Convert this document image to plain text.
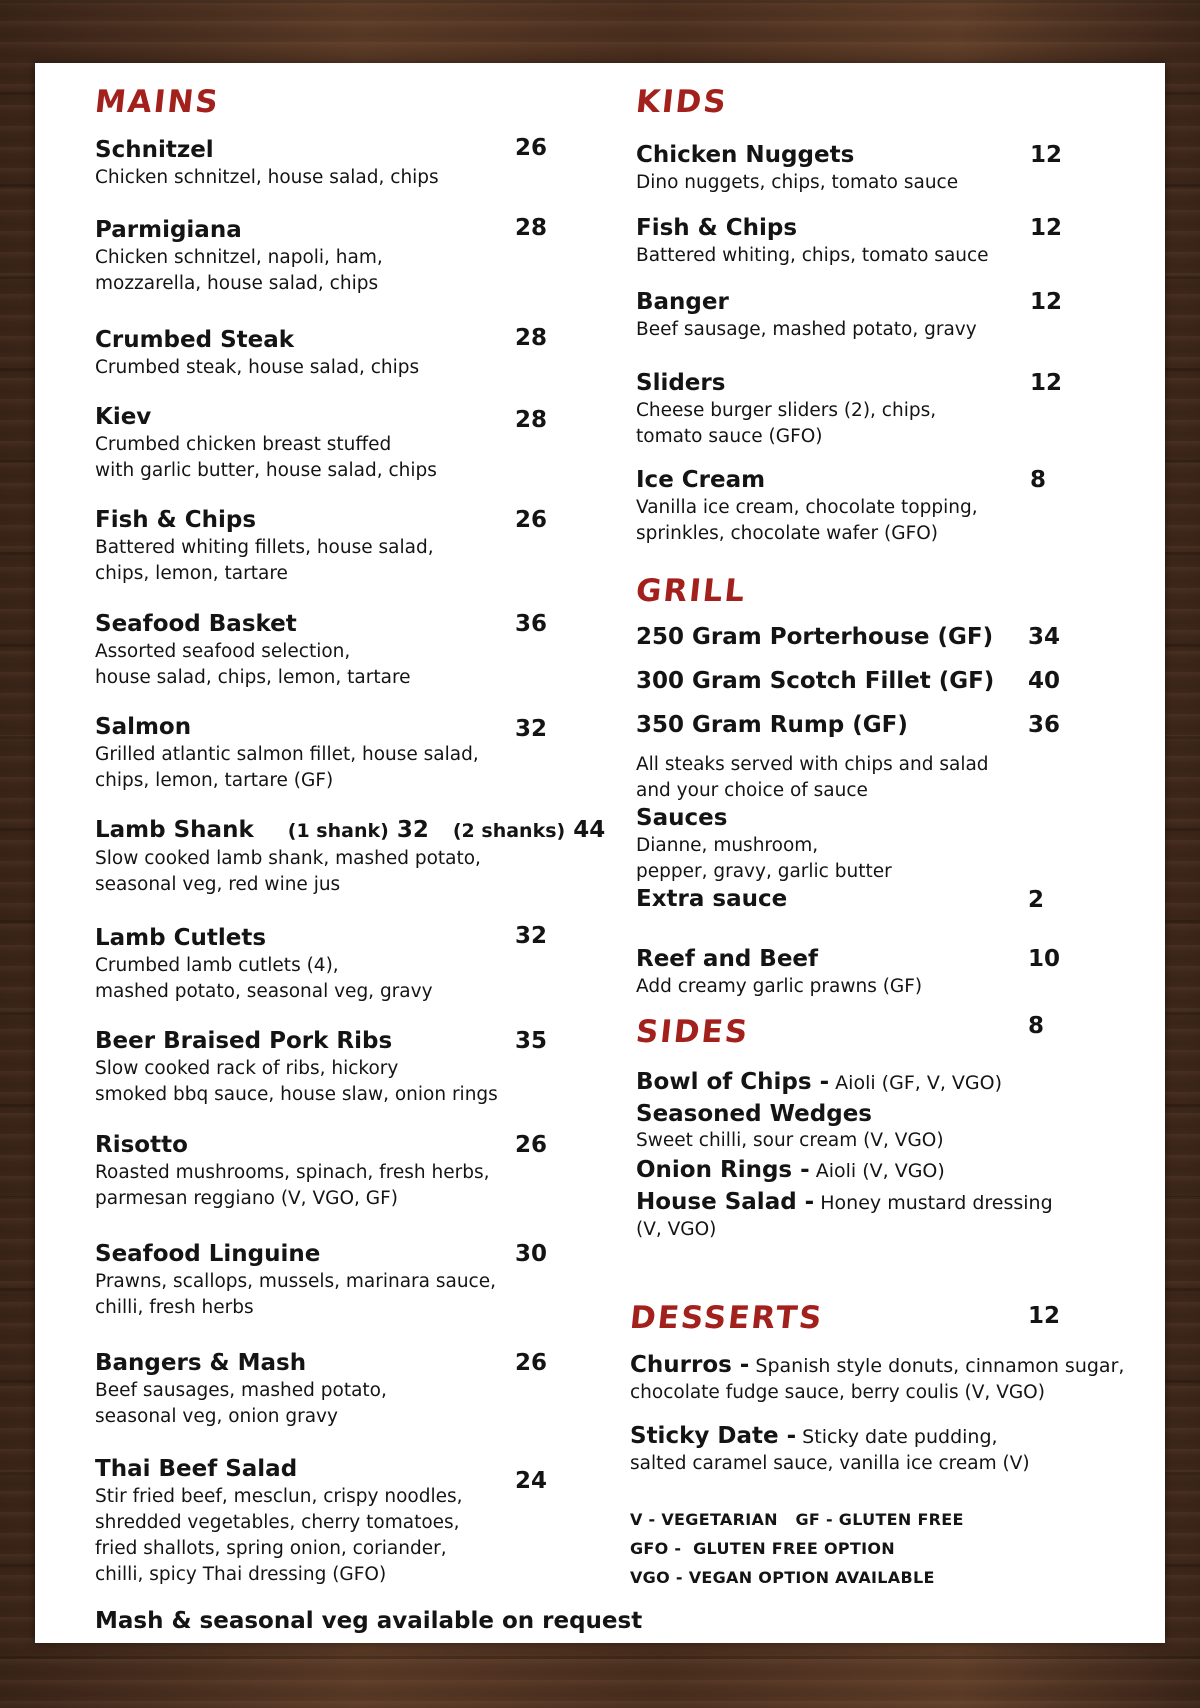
MAINS
Schnitzel
Chicken schnitzel, house salad, chips
26
Parmigiana
Chicken schnitzel, napoli, ham,
mozzarella, house salad, chips
28
Crumbed Steak
Crumbed steak, house salad, chips
28
Kiev
Crumbed chicken breast stuffed
with garlic butter, house salad, chips
28
Fish & Chips
Battered whiting fillets, house salad,
chips, lemon, tartare
26
Seafood Basket
Assorted seafood selection,
house salad, chips, lemon, tartare
36
Salmon
Grilled atlantic salmon fillet, house salad,
chips, lemon, tartare (GF)
32
Lamb Shank (1 shank) 32 (2 shanks) 44
Slow cooked lamb shank, mashed potato,
seasonal veg, red wine jus
Lamb Cutlets
Crumbed lamb cutlets (4),
mashed potato, seasonal veg, gravy
32
Beer Braised Pork Ribs
Slow cooked rack of ribs, hickory
smoked bbq sauce, house slaw, onion rings
35
Risotto
Roasted mushrooms, spinach, fresh herbs,
parmesan reggiano (V, VGO, GF)
26
Seafood Linguine
Prawns, scallops, mussels, marinara sauce,
chilli, fresh herbs
30
Bangers & Mash
Beef sausages, mashed potato,
seasonal veg, onion gravy
26
Thai Beef Salad
Stir fried beef, mesclun, crispy noodles,
shredded vegetables, cherry tomatoes,
fried shallots, spring onion, coriander,
chilli, spicy Thai dressing (GFO)
24
Mash & seasonal veg available on request
KIDS
Chicken Nuggets
Dino nuggets, chips, tomato sauce
12
Fish & Chips
Battered whiting, chips, tomato sauce
12
Banger
Beef sausage, mashed potato, gravy
12
Sliders
Cheese burger sliders (2), chips,
tomato sauce (GFO)
12
Ice Cream
Vanilla ice cream, chocolate topping,
sprinkles, chocolate wafer (GFO)
8
GRILL
250 Gram Porterhouse (GF) 34
300 Gram Scotch Fillet (GF) 40
350 Gram Rump (GF)	36
All steaks served with chips and salad
and your choice of sauce
Sauces
Dianne, mushroom,
pepper, gravy, garlic butter
Extra sauce	2
Reef and Beef
Add creamy garlic prawns (GF)
10
SIDES	8
Bowl of Chips - Aioli (GF, V, VGO)
Seasoned Wedges
Sweet chilli, sour cream (V, VGO)
Onion Rings - Aioli (V, VGO)
House Salad - Honey mustard dressing
(V, VGO)
DESSERTS	12
Churros - Spanish style donuts, cinnamon sugar,
chocolate fudge sauce, berry coulis (V, VGO)
Sticky Date - Sticky date pudding,
salted caramel sauce, vanilla ice cream (V)
V - VEGETARIAN   GF - GLUTEN FREE
GFO -  GLUTEN FREE OPTION
VGO - VEGAN OPTION AVAILABLE
